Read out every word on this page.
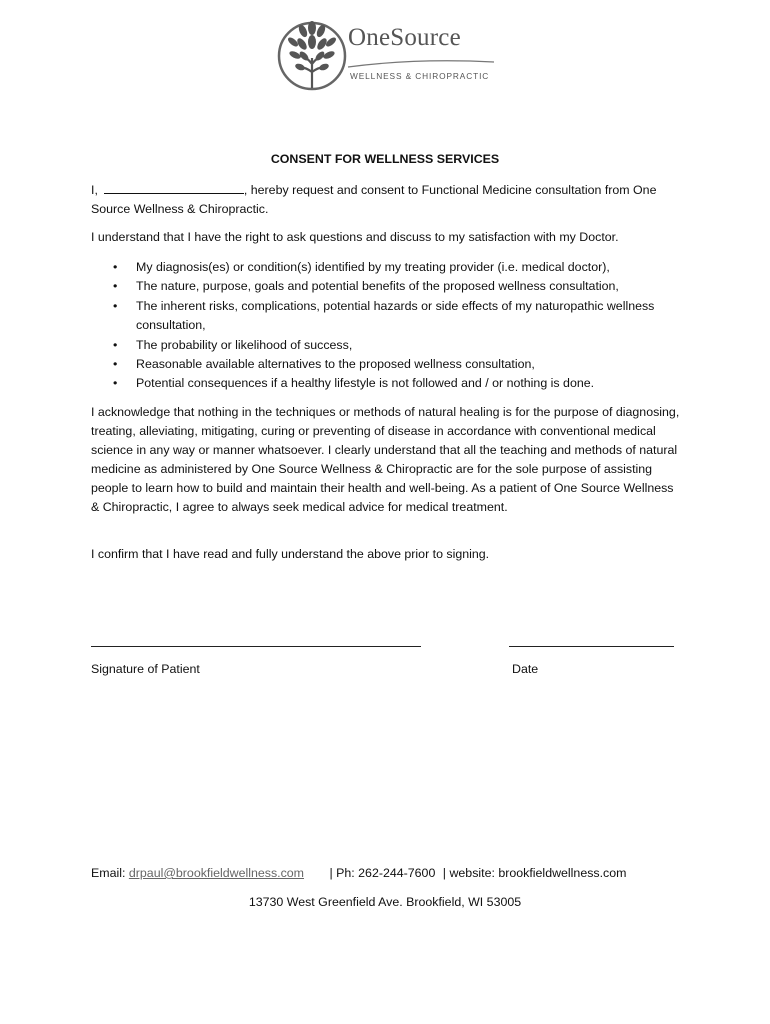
OneSource
WELLNESS & CHIROPRACTIC
CONSENT FOR WELLNESS SERVICES
I,	, hereby request and consent to Functional Medicine consultation from One Source Wellness & Chiropractic.
I understand that I have the right to ask questions and discuss to my satisfaction with my Doctor.
• My diagnosis(es) or condition(s) identified by my treating provider (i.e. medical doctor),
• The nature, purpose, goals and potential benefits of the proposed wellness consultation,
• The inherent risks, complications, potential hazards or side effects of my naturopathic wellness consultation,
• The probability or likelihood of success,
• Reasonable available alternatives to the proposed wellness consultation,
• Potential consequences if a healthy lifestyle is not followed and / or nothing is done.
I acknowledge that nothing in the techniques or methods of natural healing is for the purpose of diagnosing, treating, alleviating, mitigating, curing or preventing of disease in accordance with conventional medical science in any way or manner whatsoever. I clearly understand that all the teaching and methods of natural medicine as administered by One Source Wellness & Chiropractic are for the sole purpose of assisting people to learn how to build and maintain their health and well-being. As a patient of One Source Wellness & Chiropractic, I agree to always seek medical advice for medical treatment.
I confirm that I have read and fully understand the above prior to signing.
Signature of Patient	Date
Email: drpaul@brookfieldwellness.com | Ph: 262-244-7600 | website: brookfieldwellness.com
13730 West Greenfield Ave. Brookfield, WI 53005
